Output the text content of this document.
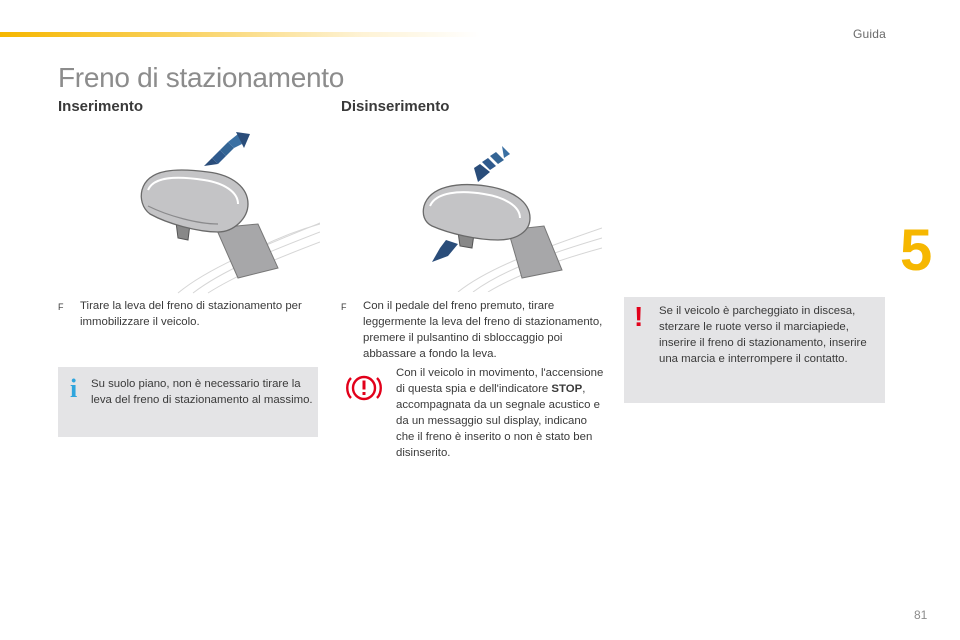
Guida
5
Freno di stazionamento
Inserimento	Disinserimento
F	Tirare la leva del freno di stazionamento per immobilizzare il veicolo.
i	Su suolo piano, non è necessario tirare la leva del freno di stazionamento al massimo.

F	Con il pedale del freno premuto, tirare leggermente la leva del freno di stazionamento, premere il pulsantino di sbloccaggio poi abbassare a fondo la leva.

Con il veicolo in movimento, l'accensione di questa spia e dell'indicatore STOP, accompagnata da un segnale acustico e da un messaggio sul display, indicano che il freno è inserito o non è stato ben disinserito.

! Se il veicolo è parcheggiato in discesa, sterzare le ruote verso il marciapiede, inserire il freno di stazionamento, inserire una marcia e interrompere il contatto.

81
